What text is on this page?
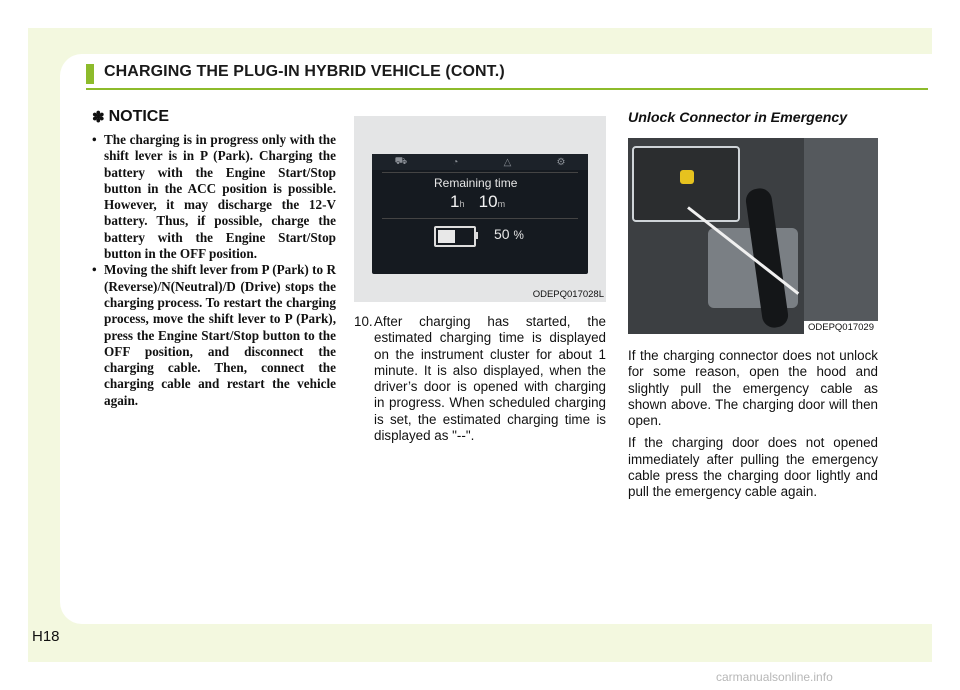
CHARGING THE PLUG-IN HYBRID VEHICLE (CONT.)
✽ NOTICE
• The charging is in progress only with the shift lever is in P (Park). Charging the battery with the Engine Start/Stop button in the ACC position is possible. However, it may discharge the 12-V battery. Thus, if possible, charge the battery with the Engine Start/Stop button in the OFF position.
• Moving the shift lever from P (Park) to R (Reverse)/N(Neutral)/D (Drive) stops the charging process. To restart the charging process, move the shift lever to P (Park), press the Engine Start/Stop button to the OFF position, and disconnect the charging cable. Then, connect the charging cable and restart the vehicle again.
⛟	◔	△	⚙
Remaining time
1h 10m
50 %
ODEPQ017028L
10. After charging has started, the estimated charging time is displayed on the instrument cluster for about 1 minute. It is also displayed, when the driver’s door is opened with charging in progress. When scheduled charging is set, the estimated charging time is displayed as "--".
Unlock Connector in Emergency
ODEPQ017029

If the charging connector does not unlock for some reason, open the hood and slightly pull the emergency cable as shown above. The charging door will then open.

If the charging door does not opened immediately after pulling the emergency cable press the charging door lightly and pull the emergency cable again.

H18
carmanualsonline.info
